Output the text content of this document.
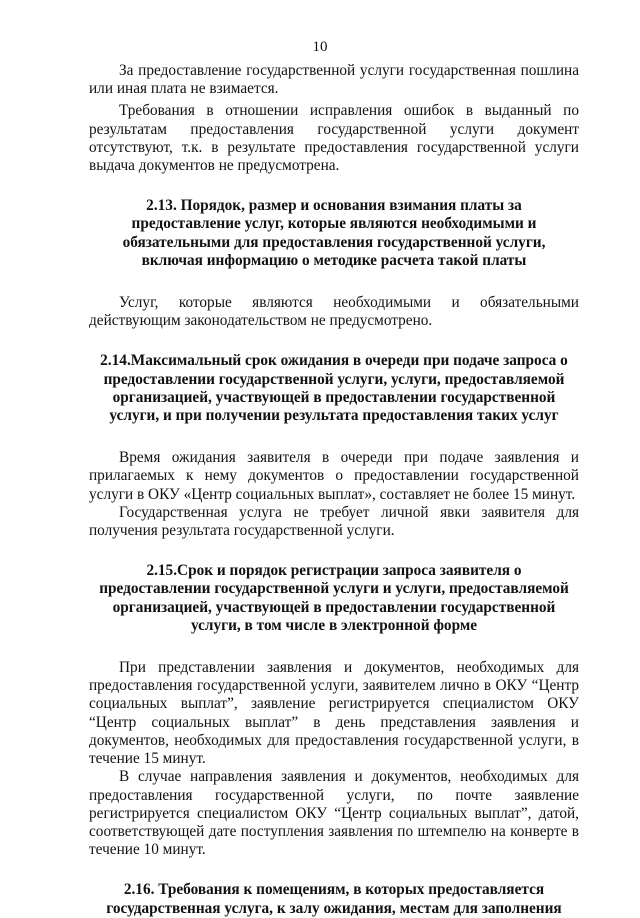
10

За предоставление государственной услуги государственная пошлина или иная плата не взимается.

Требования в отношении исправления ошибок в выданный по результатам предоставления государственной услуги документ отсутствуют, т.к. в результате предоставления государственной услуги выдача документов не предусмотрена.

2.13. Порядок, размер и основания взимания платы за предоставление услуг, которые являются необходимыми и обязательными для предоставления государственной услуги, включая информацию о методике расчета такой платы

Услуг, которые являются необходимыми и обязательными действующим законодательством не предусмотрено.

2.14.Максимальный срок ожидания в очереди при подаче запроса о предоставлении государственной услуги, услуги, предоставляемой организацией, участвующей в предоставлении государственной услуги, и при получении результата предоставления таких услуг

Время ожидания заявителя в очереди при подаче заявления и прилагаемых к нему документов о предоставлении государственной услуги в ОКУ «Центр социальных выплат», составляет не более 15 минут.

Государственная услуга не требует личной явки заявителя для получения результата государственной услуги.

2.15.Срок и порядок регистрации запроса заявителя о предоставлении государственной услуги и услуги, предоставляемой организацией, участвующей в предоставлении государственной услуги, в том числе в электронной форме

При представлении заявления и документов, необходимых для предоставления государственной услуги, заявителем лично в ОКУ “Центр социальных выплат”, заявление регистрируется специалистом ОКУ “Центр социальных выплат” в день представления заявления и документов, необходимых для предоставления государственной услуги, в течение 15 минут.

В случае направления заявления и документов, необходимых для предоставления государственной услуги, по почте заявление регистрируется специалистом ОКУ “Центр социальных выплат”, датой, соответствующей дате поступления заявления по штемпелю на конверте в течение 10 минут.

2.16. Требования к помещениям, в которых предоставляется государственная услуга, к залу ожидания, местам для заполнения
